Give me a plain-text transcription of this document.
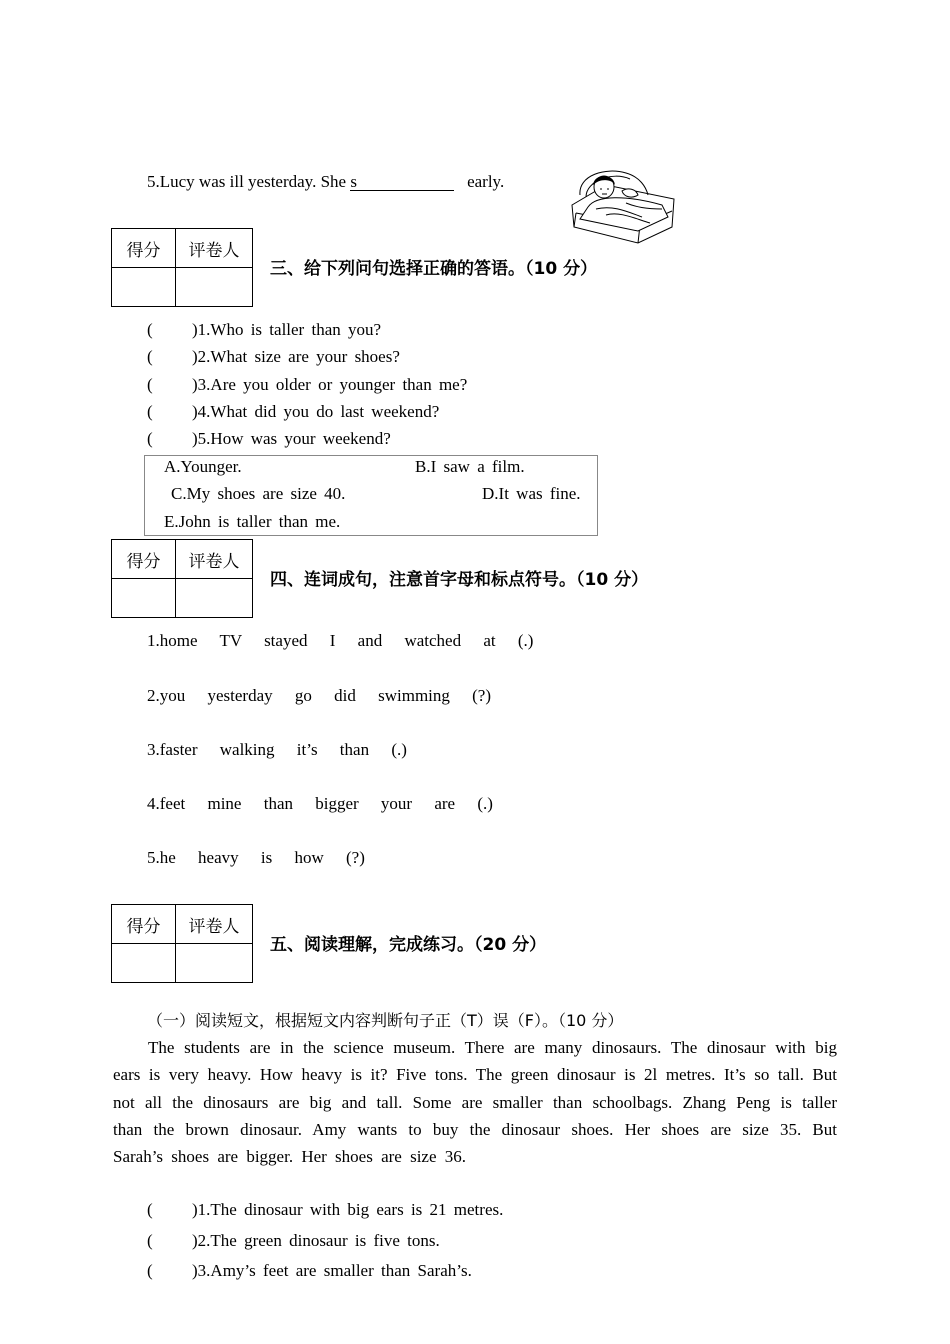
5.Lucy was ill yesterday. She s	early.
得分	评卷人

三、给下列问句选择正确的答语。（10 分）
( )1.Who is taller than you?
( )2.What size are your shoes?
( )3.Are you older or younger than me?
( )4.What did you do last weekend?
( )5.How was your weekend?
A.Younger.	B.I saw a film.
C.My shoes are size 40.	D.It was fine.
E.John is taller than me.
得分	评卷人

四、连词成句，注意首字母和标点符号。（10 分）
1.home TV stayed I and watched at (.)
2.you yesterday go did swimming (?)
3.faster walking it’s than (.)
4.feet mine than bigger your are (.)
5.he heavy is how (?)
得分	评卷人

五、阅读理解，完成练习。（20 分）
（一）阅读短文，根据短文内容判断句子正（T）误（F）。（10 分）
The students are in the science museum. There are many dinosaurs. The dinosaur with big ears is very heavy. How heavy is it? Five tons. The green dinosaur is 2l metres. It’s so tall. But not all the dinosaurs are big and tall. Some are smaller than schoolbags. Zhang Peng is taller than the brown dinosaur. Amy wants to buy the dinosaur shoes. Her shoes are size 35. But Sarah’s shoes are bigger. Her shoes are size 36.
( )1.The dinosaur with big ears is 21 metres.
( )2.The green dinosaur is five tons.
( )3.Amy’s feet are smaller than Sarah’s.
